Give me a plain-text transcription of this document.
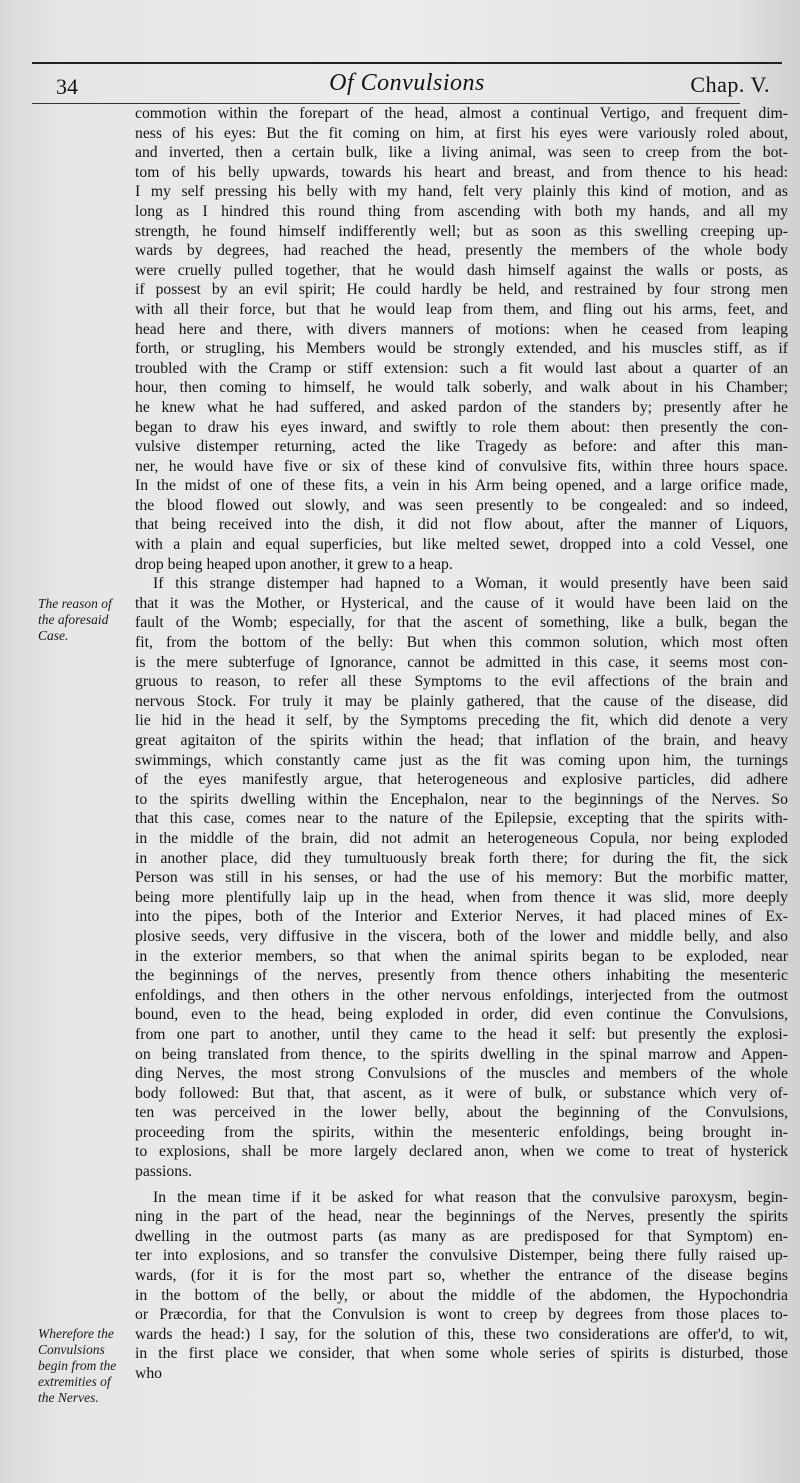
34	Of Convulsions	Chap. V.
The reason of
the aforesaid
Case.
Wherefore the
Convulsions
begin from the
extremities of
the Nerves.
commotion within the forepart of the head, almost a continual Vertigo, and frequent dim-
ness of his eyes: But the fit coming on him, at first his eyes were variously roled about,
and inverted, then a certain bulk, like a living animal, was seen to creep from the bot-
tom of his belly upwards, towards his heart and breast, and from thence to his head:
I my self pressing his belly with my hand, felt very plainly this kind of motion, and as
long as I hindred this round thing from ascending with both my hands, and all my
strength, he found himself indifferently well; but as soon as this swelling creeping up-
wards by degrees, had reached the head, presently the members of the whole body
were cruelly pulled together, that he would dash himself against the walls or posts, as
if possest by an evil spirit; He could hardly be held, and restrained by four strong men
with all their force, but that he would leap from them, and fling out his arms, feet, and
head here and there, with divers manners of motions: when he ceased from leaping
forth, or strugling, his Members would be strongly extended, and his muscles stiff, as if
troubled with the Cramp or stiff extension: such a fit would last about a quarter of an
hour, then coming to himself, he would talk soberly, and walk about in his Chamber;
he knew what he had suffered, and asked pardon of the standers by; presently after he
began to draw his eyes inward, and swiftly to role them about: then presently the con-
vulsive distemper returning, acted the like Tragedy as before: and after this man-
ner, he would have five or six of these kind of convulsive fits, within three hours space.
In the midst of one of these fits, a vein in his Arm being opened, and a large orifice made,
the blood flowed out slowly, and was seen presently to be congealed: and so indeed,
that being received into the dish, it did not flow about, after the manner of Liquors,
with a plain and equal superficies, but like melted sewet, dropped into a cold Vessel, one
drop being heaped upon another, it grew to a heap.
If this strange distemper had hapned to a Woman, it would presently have been said
that it was the Mother, or Hysterical, and the cause of it would have been laid on the
fault of the Womb; especially, for that the ascent of something, like a bulk, began the
fit, from the bottom of the belly: But when this common solution, which most often
is the mere subterfuge of Ignorance, cannot be admitted in this case, it seems most con-
gruous to reason, to refer all these Symptoms to the evil affections of the brain and
nervous Stock. For truly it may be plainly gathered, that the cause of the disease, did
lie hid in the head it self, by the Symptoms preceding the fit, which did denote a very
great agitaiton of the spirits within the head; that inflation of the brain, and heavy
swimmings, which constantly came just as the fit was coming upon him, the turnings
of the eyes manifestly argue, that heterogeneous and explosive particles, did adhere
to the spirits dwelling within the Encephalon, near to the beginnings of the Nerves. So
that this case, comes near to the nature of the Epilepsie, excepting that the spirits with-
in the middle of the brain, did not admit an heterogeneous Copula, nor being exploded
in another place, did they tumultuously break forth there; for during the fit, the sick
Person was still in his senses, or had the use of his memory: But the morbific matter,
being more plentifully laip up in the head, when from thence it was slid, more deeply
into the pipes, both of the Interior and Exterior Nerves, it had placed mines of Ex-
plosive seeds, very diffusive in the viscera, both of the lower and middle belly, and also
in the exterior members, so that when the animal spirits began to be exploded, near
the beginnings of the nerves, presently from thence others inhabiting the mesenteric
enfoldings, and then others in the other nervous enfoldings, interjected from the outmost
bound, even to the head, being exploded in order, did even continue the Convulsions,
from one part to another, until they came to the head it self: but presently the explosi-
on being translated from thence, to the spirits dwelling in the spinal marrow and Appen-
ding Nerves, the most strong Convulsions of the muscles and members of the whole
body followed: But that, that ascent, as it were of bulk, or substance which very of-
ten was perceived in the lower belly, about the beginning of the Convulsions,
proceeding from the spirits, within the mesenteric enfoldings, being brought in-
to explosions, shall be more largely declared anon, when we come to treat of hysterick
passions.
In the mean time if it be asked for what reason that the convulsive paroxysm, begin-
ning in the part of the head, near the beginnings of the Nerves, presently the spirits
dwelling in the outmost parts (as many as are predisposed for that Symptom) en-
ter into explosions, and so transfer the convulsive Distemper, being there fully raised up-
wards, (for it is for the most part so, whether the entrance of the disease begins
in the bottom of the belly, or about the middle of the abdomen, the Hypochondria
or Præcordia, for that the Convulsion is wont to creep by degrees from those places to-
wards the head:) I say, for the solution of this, these two considerations are offer'd, to wit,
in the first place we consider, that when some whole series of spirits is disturbed, those
who
